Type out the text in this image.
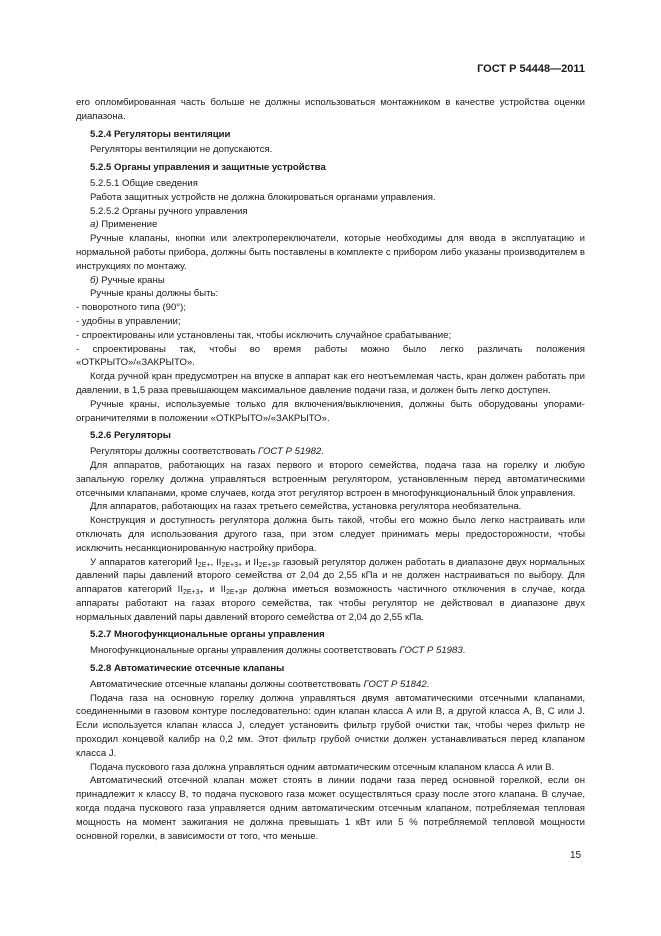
ГОСТ Р 54448—2011

его опломбированная часть больше не должны использоваться монтажником в качестве устройства оценки диапазона.

5.2.4 Регуляторы вентиляции

Регуляторы вентиляции не допускаются.

5.2.5 Органы управления и защитные устройства

5.2.5.1 Общие сведения

Работа защитных устройств не должна блокироваться органами управления.

5.2.5.2 Органы ручного управления

а) Применение

Ручные клапаны, кнопки или электропереключатели, которые необходимы для ввода в эксплуатацию и нормальной работы прибора, должны быть поставлены в комплекте с прибором либо указаны производителем в инструкциях по монтажу.

б) Ручные краны

Ручные краны должны быть:

- поворотного типа (90°);

- удобны в управлении;

- спроектированы или установлены так, чтобы исключить случайное срабатывание;

- спроектированы так, чтобы во время работы можно было легко различать положения «ОТКРЫТО»/«ЗАКРЫТО».

Когда ручной кран предусмотрен на впуске в аппарат как его неотъемлемая часть, кран должен работать при давлении, в 1,5 раза превышающем максимальное давление подачи газа, и должен быть легко доступен.

Ручные краны, используемые только для включения/выключения, должны быть оборудованы упорами-ограничителями в положении «ОТКРЫТО»/«ЗАКРЫТО».

5.2.6 Регуляторы

Регуляторы должны соответствовать ГОСТ Р 51982.

Для аппаратов, работающих на газах первого и второго семейства, подача газа на горелку и любую запальную горелку должна управляться встроенным регулятором, установленным перед автоматическими отсечными клапанами, кроме случаев, когда этот регулятор встроен в многофункциональный блок управления.

Для аппаратов, работающих на газах третьего семейства, установка регулятора необязательна.

Конструкция и доступность регулятора должна быть такой, чтобы его можно было легко настраивать или отключать для использования другого газа, при этом следует принимать меры предосторожности, чтобы исключить несанкционированную настройку прибора.

У аппаратов категорий $I_{2E+}$, $II_{2E+3+}$ и $II_{2E+3P}$ газовый регулятор должен работать в диапазоне двух нормальных давлений пары давлений второго семейства от 2,04 до 2,55 кПа и не должен настраиваться по выбору. Для аппаратов категорий $II_{2E+3+}$ и $II_{2E+3P}$ должна иметься возможность частичного отключения в случае, когда аппараты работают на газах второго семейства, так чтобы регулятор не действовал в диапазоне двух нормальных давлений пары давлений второго семейства от 2,04 до 2,55 кПа.

5.2.7 Многофункциональные органы управления

Многофункциональные органы управления должны соответствовать ГОСТ Р 51983.

5.2.8 Автоматические отсечные клапаны

Автоматические отсечные клапаны должны соответствовать ГОСТ Р 51842.

Подача газа на основную горелку должна управляться двумя автоматическими отсечными клапанами, соединенными в газовом контуре последовательно: один клапан класса А или В, а другой класса А, В, С или J. Если используется клапан класса J, следует установить фильтр грубой очистки так, чтобы через фильтр не проходил концевой калибр на 0,2 мм. Этот фильтр грубой очистки должен устанавливаться перед клапаном класса J.

Подача пускового газа должна управляться одним автоматическим отсечным клапаном класса А или В.

Автоматический отсечной клапан может стоять в линии подачи газа перед основной горелкой, если он принадлежит к классу В, то подача пускового газа может осуществляться сразу после этого клапана. В случае, когда подача пускового газа управляется одним автоматическим отсечным клапаном, потребляемая тепловая мощность на момент зажигания не должна превышать 1 кВт или 5 % потребляемой тепловой мощности основной горелки, в зависимости от того, что меньше.

15
